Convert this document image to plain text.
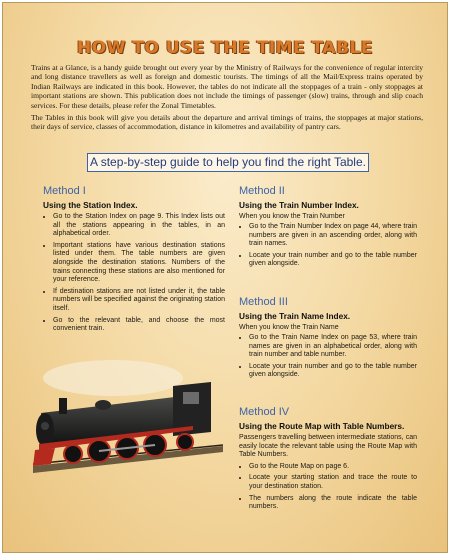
HOW TO USE THE TIME TABLE

Trains at a Glance, is a handy guide brought out every year by the Ministry of Railways for the convenience of regular intercity and long distance travellers as well as foreign and domestic tourists. The timings of all the Mail/Express trains operated by Indian Railways are indicated in this book. However, the tables do not indicate all the stoppages of a train - only stoppages at important stations are shown. This publication does not include the timings of passenger (slow) trains, through and slip coach services. For these details, please refer the Zonal Timetables.

The Tables in this book will give you details about the departure and arrival timings of trains, the stoppages at major stations, their days of service, classes of accommodation, distance in kilometres and availability of pantry cars.

A step-by-step guide to help you find the right Table.
Method I
Using the Station Index.
• Go to the Station Index on page 9. This Index lists out all the stations appearing in the tables, in an alphabetical order.
• Important stations have various destination stations listed under them. The table numbers are given alongside the destination stations. Numbers of the trains connecting these stations are also mentioned for your reference.
• If destination stations are not listed under it, the table numbers will be specified against the originating station itself.
• Go to the relevant table, and choose the most convenient train.
Method II
Using the Train Number Index.
When you know the Train Number
• Go to the Train Number Index on page 44, where train numbers are given in an ascending order, along with train names.
• Locate your train number and go to the table number given alongside.
Method III
Using the Train Name Index.
When you know the Train Name
• Go to the Train Name Index on page 53, where train names are given in an alphabetical order, along with train number and table number.
• Locate your train number and go to the table number given alongside.
Method IV
Using the Route Map with Table Numbers.
Passengers travelling between intermediate stations, can easily locate the relevant table using the Route Map with Table Numbers.
• Go to the Route Map on page 6.
• Locate your starting station and trace the route to your destination station.
• The numbers along the route indicate the table numbers.
